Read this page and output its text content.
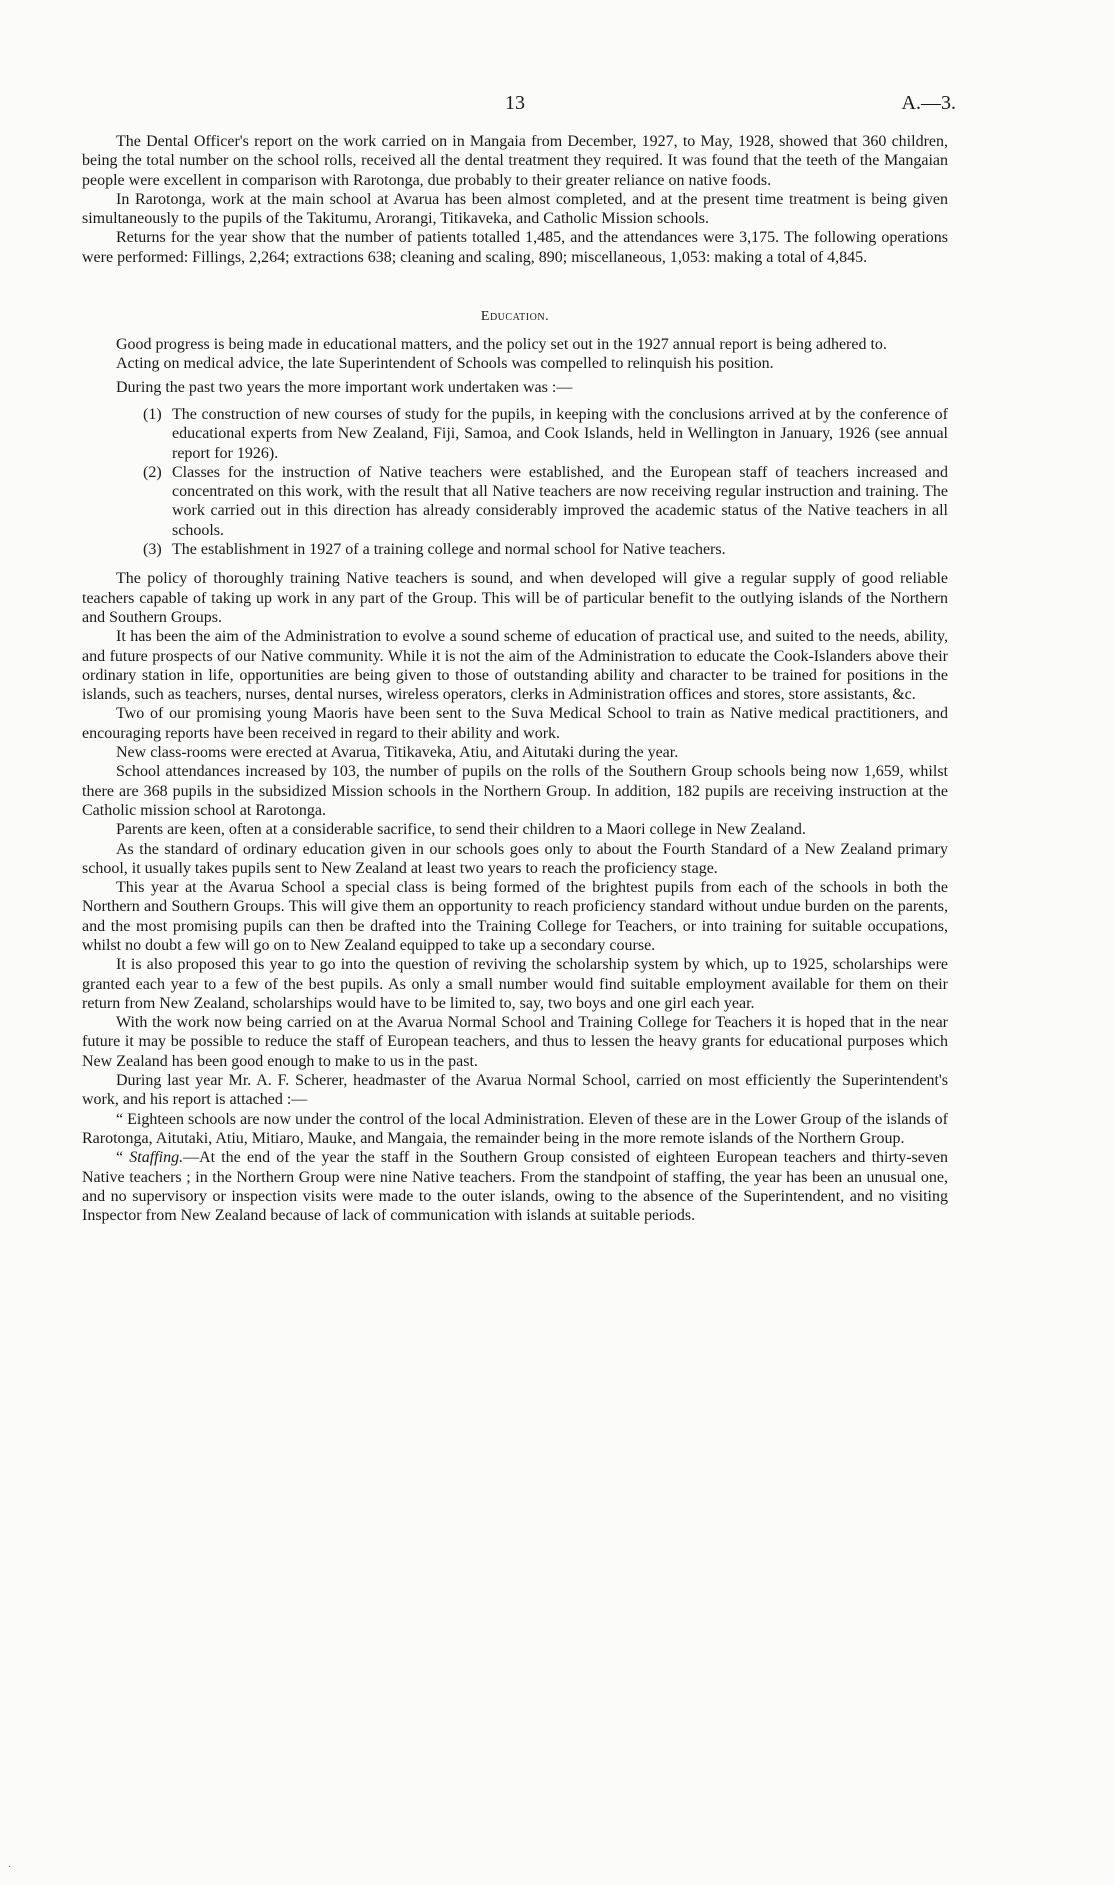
13	A.—3.

The Dental Officer's report on the work carried on in Mangaia from December, 1927, to May, 1928, showed that 360 children, being the total number on the school rolls, received all the dental treatment they required. It was found that the teeth of the Mangaian people were excellent in comparison with Rarotonga, due probably to their greater reliance on native foods.

In Rarotonga, work at the main school at Avarua has been almost completed, and at the present time treatment is being given simultaneously to the pupils of the Takitumu, Arorangi, Titikaveka, and Catholic Mission schools.

Returns for the year show that the number of patients totalled 1,485, and the attendances were 3,175. The following operations were performed: Fillings, 2,264; extractions 638; cleaning and scaling, 890; miscellaneous, 1,053: making a total of 4,845.

Education.

Good progress is being made in educational matters, and the policy set out in the 1927 annual report is being adhered to.

Acting on medical advice, the late Superintendent of Schools was compelled to relinquish his position.

During the past two years the more important work undertaken was :—

(1) The construction of new courses of study for the pupils, in keeping with the conclusions arrived at by the conference of educational experts from New Zealand, Fiji, Samoa, and Cook Islands, held in Wellington in January, 1926 (see annual report for 1926).
(2) Classes for the instruction of Native teachers were established, and the European staff of teachers increased and concentrated on this work, with the result that all Native teachers are now receiving regular instruction and training. The work carried out in this direction has already considerably improved the academic status of the Native teachers in all schools.
(3) The establishment in 1927 of a training college and normal school for Native teachers.

The policy of thoroughly training Native teachers is sound, and when developed will give a regular supply of good reliable teachers capable of taking up work in any part of the Group. This will be of particular benefit to the outlying islands of the Northern and Southern Groups.

It has been the aim of the Administration to evolve a sound scheme of education of practical use, and suited to the needs, ability, and future prospects of our Native community. While it is not the aim of the Administration to educate the Cook-Islanders above their ordinary station in life, opportunities are being given to those of outstanding ability and character to be trained for positions in the islands, such as teachers, nurses, dental nurses, wireless operators, clerks in Administration offices and stores, store assistants, &c.

Two of our promising young Maoris have been sent to the Suva Medical School to train as Native medical practitioners, and encouraging reports have been received in regard to their ability and work.

New class-rooms were erected at Avarua, Titikaveka, Atiu, and Aitutaki during the year.

School attendances increased by 103, the number of pupils on the rolls of the Southern Group schools being now 1,659, whilst there are 368 pupils in the subsidized Mission schools in the Northern Group. In addition, 182 pupils are receiving instruction at the Catholic mission school at Rarotonga.

Parents are keen, often at a considerable sacrifice, to send their children to a Maori college in New Zealand.

As the standard of ordinary education given in our schools goes only to about the Fourth Standard of a New Zealand primary school, it usually takes pupils sent to New Zealand at least two years to reach the proficiency stage.

This year at the Avarua School a special class is being formed of the brightest pupils from each of the schools in both the Northern and Southern Groups. This will give them an opportunity to reach proficiency standard without undue burden on the parents, and the most promising pupils can then be drafted into the Training College for Teachers, or into training for suitable occupations, whilst no doubt a few will go on to New Zealand equipped to take up a secondary course.

It is also proposed this year to go into the question of reviving the scholarship system by which, up to 1925, scholarships were granted each year to a few of the best pupils. As only a small number would find suitable employment available for them on their return from New Zealand, scholarships would have to be limited to, say, two boys and one girl each year.

With the work now being carried on at the Avarua Normal School and Training College for Teachers it is hoped that in the near future it may be possible to reduce the staff of European teachers, and thus to lessen the heavy grants for educational purposes which New Zealand has been good enough to make to us in the past.

During last year Mr. A. F. Scherer, headmaster of the Avarua Normal School, carried on most efficiently the Superintendent's work, and his report is attached :—

“ Eighteen schools are now under the control of the local Administration. Eleven of these are in the Lower Group of the islands of Rarotonga, Aitutaki, Atiu, Mitiaro, Mauke, and Mangaia, the remainder being in the more remote islands of the Northern Group.

“ Staffing.—At the end of the year the staff in the Southern Group consisted of eighteen European teachers and thirty-seven Native teachers ; in the Northern Group were nine Native teachers. From the standpoint of staffing, the year has been an unusual one, and no supervisory or inspection visits were made to the outer islands, owing to the absence of the Superintendent, and no visiting Inspector from New Zealand because of lack of communication with islands at suitable periods.

·
